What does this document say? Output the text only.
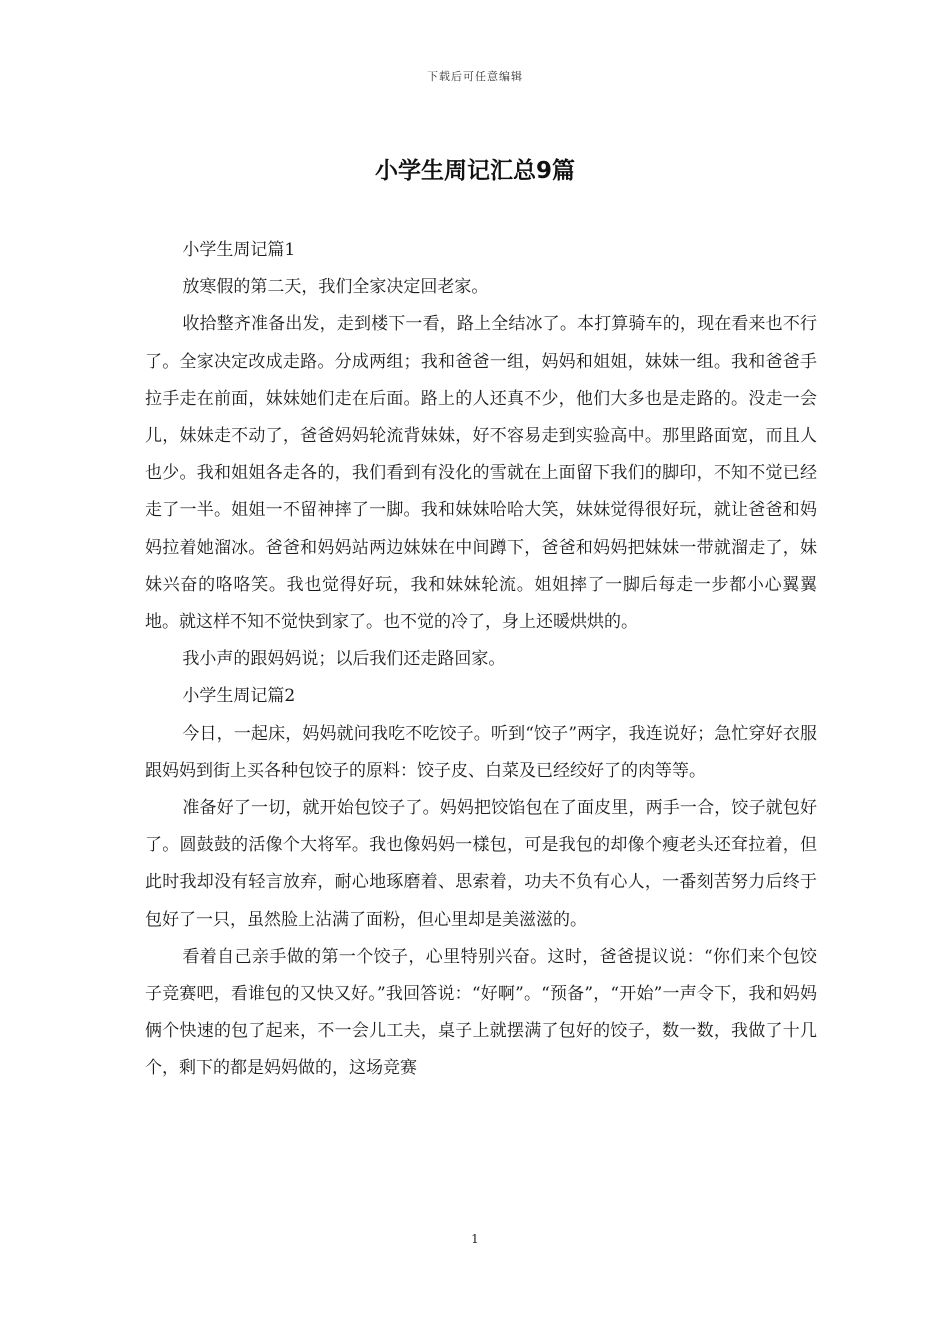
下载后可任意编辑
小学生周记汇总9篇

小学生周记篇1

放寒假的第二天，我们全家决定回老家。

收拾整齐准备出发，走到楼下一看，路上全结冰了。本打算骑车的，现在看来也不行了。全家决定改成走路。分成两组；我和爸爸一组，妈妈和姐姐，妹妹一组。我和爸爸手拉手走在前面，妹妹她们走在后面。路上的人还真不少，他们大多也是走路的。没走一会儿，妹妹走不动了，爸爸妈妈轮流背妹妹，好不容易走到实验高中。那里路面宽，而且人也少。我和姐姐各走各的，我们看到有没化的雪就在上面留下我们的脚印，不知不觉已经走了一半。姐姐一不留神摔了一脚。我和妹妹哈哈大笑，妹妹觉得很好玩，就让爸爸和妈妈拉着她溜冰。爸爸和妈妈站两边妹妹在中间蹲下，爸爸和妈妈把妹妹一带就溜走了，妹妹兴奋的咯咯笑。我也觉得好玩，我和妹妹轮流。姐姐摔了一脚后每走一步都小心翼翼地。就这样不知不觉快到家了。也不觉的冷了，身上还暖烘烘的。

我小声的跟妈妈说；以后我们还走路回家。

小学生周记篇2

今日，一起床，妈妈就问我吃不吃饺子。听到“饺子”两字，我连说好；急忙穿好衣服跟妈妈到街上买各种包饺子的原料：饺子皮、白菜及已经绞好了的肉等等。

准备好了一切，就开始包饺子了。妈妈把饺馅包在了面皮里，两手一合，饺子就包好了。圆鼓鼓的活像个大将军。我也像妈妈一樣包，可是我包的却像个瘦老头还耷拉着，但此时我却没有轻言放弃，耐心地琢磨着、思索着，功夫不负有心人，一番刻苦努力后终于包好了一只，虽然脸上沾满了面粉，但心里却是美滋滋的。

看着自己亲手做的第一个饺子，心里特别兴奋。这时，爸爸提议说：“你们来个包饺子竞赛吧，看谁包的又快又好。”我回答说：“好啊”。“预备”，“开始”一声令下，我和妈妈俩个快速的包了起来，不一会儿工夫，桌子上就摆满了包好的饺子，数一数，我做了十几个，剩下的都是妈妈做的，这场竞赛

1
